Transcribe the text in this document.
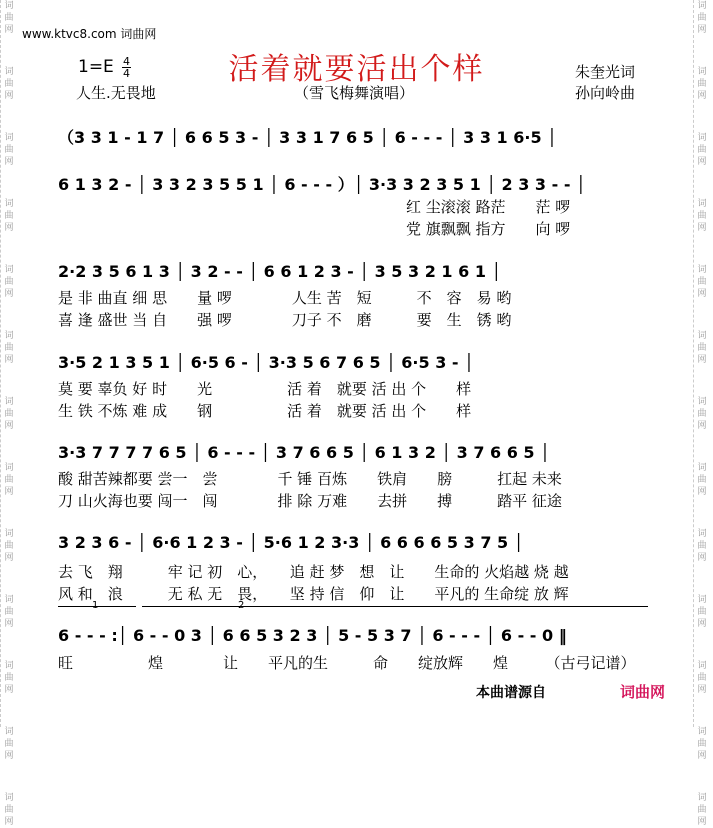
词曲网
词曲网
词曲网
词曲网
词曲网
词曲网
词曲网
词曲网
词曲网
词曲网
词曲网
词曲网
词曲网
词曲网
词曲网
词曲网
词曲网
词曲网
词曲网
词曲网
词曲网
词曲网
词曲网
词曲网
词曲网
词曲网
www.ktvc8.com 词曲网
活着就要活出个样
1=E 4
4
人生.无畏地	（雪飞梅舞演唱）
朱奎光词
孙向岭曲
（3 3 1 - 1 7 │ 6 6 5 3 - │ 3 3 1 7 6 5 │ 6 - - - │ 3 3 1 6·5 │
6 1 3 2 - │ 3 3 2 3 5 5 1 │ 6 - - - ）│ 3·3 3 2 3 5 1 │ 2 3 3 - - │
红 尘滚滚 路茫　　茫 啰
党 旗飘飘 指方　　向 啰
2·2 3 5 6 1 3 │ 3 2 - - │ 6 6 1 2 3 - │ 3 5 3 2 1 6 1 │
是 非 曲直 细 思　　量 啰　　　　人生 苦　短　　　不　容　易 哟
喜 逢 盛世 当 自　　强 啰　　　　刀子 不　磨　　　要　生　锈 哟
3·5 2 1 3 5 1 │ 6·5 6 - │ 3·3 5 6 7 6 5 │ 6·5 3 - │
莫 要 辜负 好 时　　光　　　　　活 着　就要 活 出 个　　样
生 铁 不炼 难 成　　钢　　　　　活 着　就要 活 出 个　　样
3·3 7 7 7 7 6 5 │ 6 - - - │ 3 7 6 6 5 │ 6 1 3 2 │ 3 7 6 6 5 │
酸 甜苦辣都要 尝一　尝　　　　千 锤 百炼　　铁肩　　膀　　　扛起 未来
刀 山火海也要 闯一　闯　　　　排 除 万难　　去拼　　搏　　　踏平 征途
3 2 3 6 - │ 6·6 1 2 3 - │ 5·6 1 2 3·3 │ 6 6 6 6 5 3 7 5 │
去 飞　翔　　　牢 记 初　心，　　追 赶 梦　想　让　　生命的 火焰越 烧 越
风 和　浪　　　无 私 无　畏，　　坚 持 信　仰　让　　平凡的 生命绽 放 辉
1	2
6 - - - :│ 6 - - 0 3 │ 6 6 5 3 2 3 │ 5 - 5 3 7 │ 6 - - - │ 6 - - 0 ‖
旺　　　　　煌　　　　让　　平凡的生　　　命　　绽放辉　　煌　　　（古弓记谱）
本曲谱源自	词曲网
